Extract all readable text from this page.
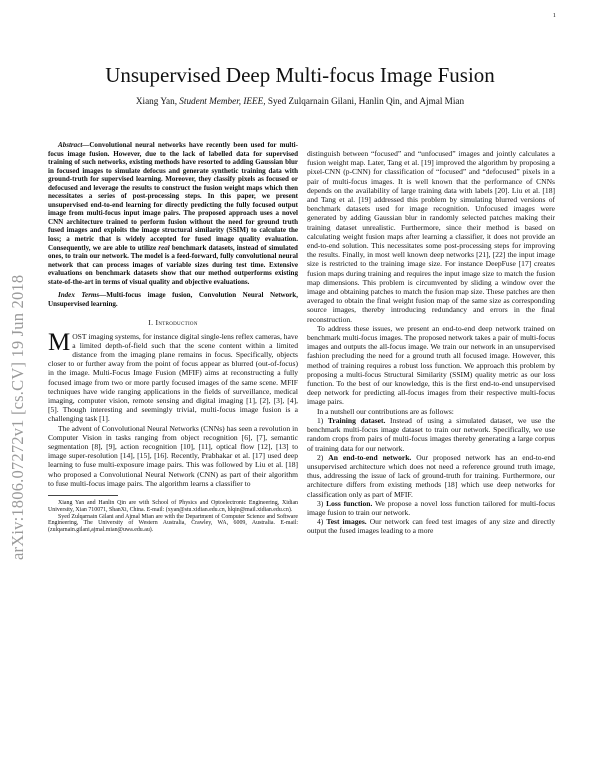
1
arXiv:1806.07272v1 [cs.CV] 19 Jun 2018
Unsupervised Deep Multi-focus Image Fusion
Xiang Yan, Student Member, IEEE, Syed Zulqarnain Gilani, Hanlin Qin, and Ajmal Mian

Abstract—Convolutional neural networks have recently been used for multi-focus image fusion. However, due to the lack of labelled data for supervised training of such networks, existing methods have resorted to adding Gaussian blur in focused images to simulate defocus and generate synthetic training data with ground-truth for supervised learning. Moreover, they classify pixels as focused or defocused and leverage the results to construct the fusion weight maps which then necessitates a series of post-processing steps. In this paper, we present unsupervised end-to-end learning for directly predicting the fully focused output image from multi-focus input image pairs. The proposed approach uses a novel CNN architecture trained to perform fusion without the need for ground truth fused images and exploits the image structural similarity (SSIM) to calculate the loss; a metric that is widely accepted for fused image quality evaluation. Consequently, we are able to utilize real benchmark datasets, instead of simulated ones, to train our network. The model is a feed-forward, fully convolutional neural network that can process images of variable sizes during test time. Extensive evaluations on benchmark datasets show that our method outperforms existing state-of-the-art in terms of visual quality and objective evaluations.

Index Terms—Multi-focus image fusion, Convolution Neural Network, Unsupervised learning.

I. Introduction

MOST imaging systems, for instance digital single-lens reflex cameras, have a limited depth-of-field such that the scene content within a limited distance from the imaging plane remains in focus. Specifically, objects closer to or further away from the point of focus appear as blurred (out-of-focus) in the image. Multi-Focus Image Fusion (MFIF) aims at reconstructing a fully focused image from two or more partly focused images of the same scene. MFIF techniques have wide ranging applications in the fields of surveillance, medical imaging, computer vision, remote sensing and digital imaging [1], [2], [3], [4], [5]. Though interesting and seemingly trivial, multi-focus image fusion is a challenging task [1].

The advent of Convolutional Neural Networks (CNNs) has seen a revolution in Computer Vision in tasks ranging from object recognition [6], [7], semantic segmentation [8], [9], action recognition [10], [11], optical flow [12], [13] to image super-resolution [14], [15], [16]. Recently, Prabhakar et al. [17] used deep learning to fuse multi-exposure image pairs. This was followed by Liu et al. [18] who proposed a Convolutional Neural Network (CNN) as part of their algorithm to fuse multi-focus image pairs. The algorithm learns a classifier to

Xiang Yan and Hanlin Qin are with School of Physics and Optoelectronic Engineering, Xidian University, Xian 710071, ShanXi, China. E-mail: (xyan@stu.xidian.edu.cn, hlqin@mail.xidian.edu.cn).

Syed Zulqarnain Gilani and Ajmal Mian are with the Department of Computer Science and Software Engineering, The University of Western Australia, Crawley, WA, 6009, Australia. E-mail: (zulqarnain.gilani,ajmal.mian@uwa.edu.au).

distinguish between “focused” and “unfocused” images and jointly calculates a fusion weight map. Later, Tang et al. [19] improved the algorithm by proposing a pixel-CNN (p-CNN) for classification of “focused” and “defocused” pixels in a pair of multi-focus images. It is well known that the performance of CNNs depends on the availability of large training data with labels [20]. Liu et al. [18] and Tang et al. [19] addressed this problem by simulating blurred versions of benchmark datasets used for image recognition. Unfocused images were generated by adding Gaussian blur in randomly selected patches making their training dataset unrealistic. Furthermore, since their method is based on calculating weight fusion maps after learning a classifier, it does not provide an end-to-end solution. This necessitates some post-processing steps for improving the results. Finally, in most well known deep networks [21], [22] the input image size is restricted to the training image size. For instance DeepFuse [17] creates fusion maps during training and requires the input image size to match the fusion map dimensions. This problem is circumvented by sliding a window over the image and obtaining patches to match the fusion map size. These patches are then averaged to obtain the final weight fusion map of the same size as corresponding source images, thereby introducing redundancy and errors in the final reconstruction.

To address these issues, we present an end-to-end deep network trained on benchmark multi-focus images. The proposed network takes a pair of multi-focus images and outputs the all-focus image. We train our network in an unsupervised fashion precluding the need for a ground truth all focused image. However, this method of training requires a robust loss function. We approach this problem by proposing a multi-focus Structural Similarity (SSIM) quality metric as our loss function. To the best of our knowledge, this is the first end-to-end unsupervised deep network for predicting all-focus images from their respective multi-focus image pairs.

In a nutshell our contributions are as follows:

1) Training dataset. Instead of using a simulated dataset, we use the benchmark multi-focus image dataset to train our network. Specifically, we use random crops from pairs of multi-focus images thereby generating a large corpus of training data for our network.

2) An end-to-end network. Our proposed network has an end-to-end unsupervised architecture which does not need a reference ground truth image, thus, addressing the issue of lack of ground-truth for training. Furthermore, our architecture differs from existing methods [18] which use deep networks for classification only as part of MFIF.

3) Loss function. We propose a novel loss function tailored for multi-focus image fusion to train our network.

4) Test images. Our network can feed test images of any size and directly output the fused images leading to a more
